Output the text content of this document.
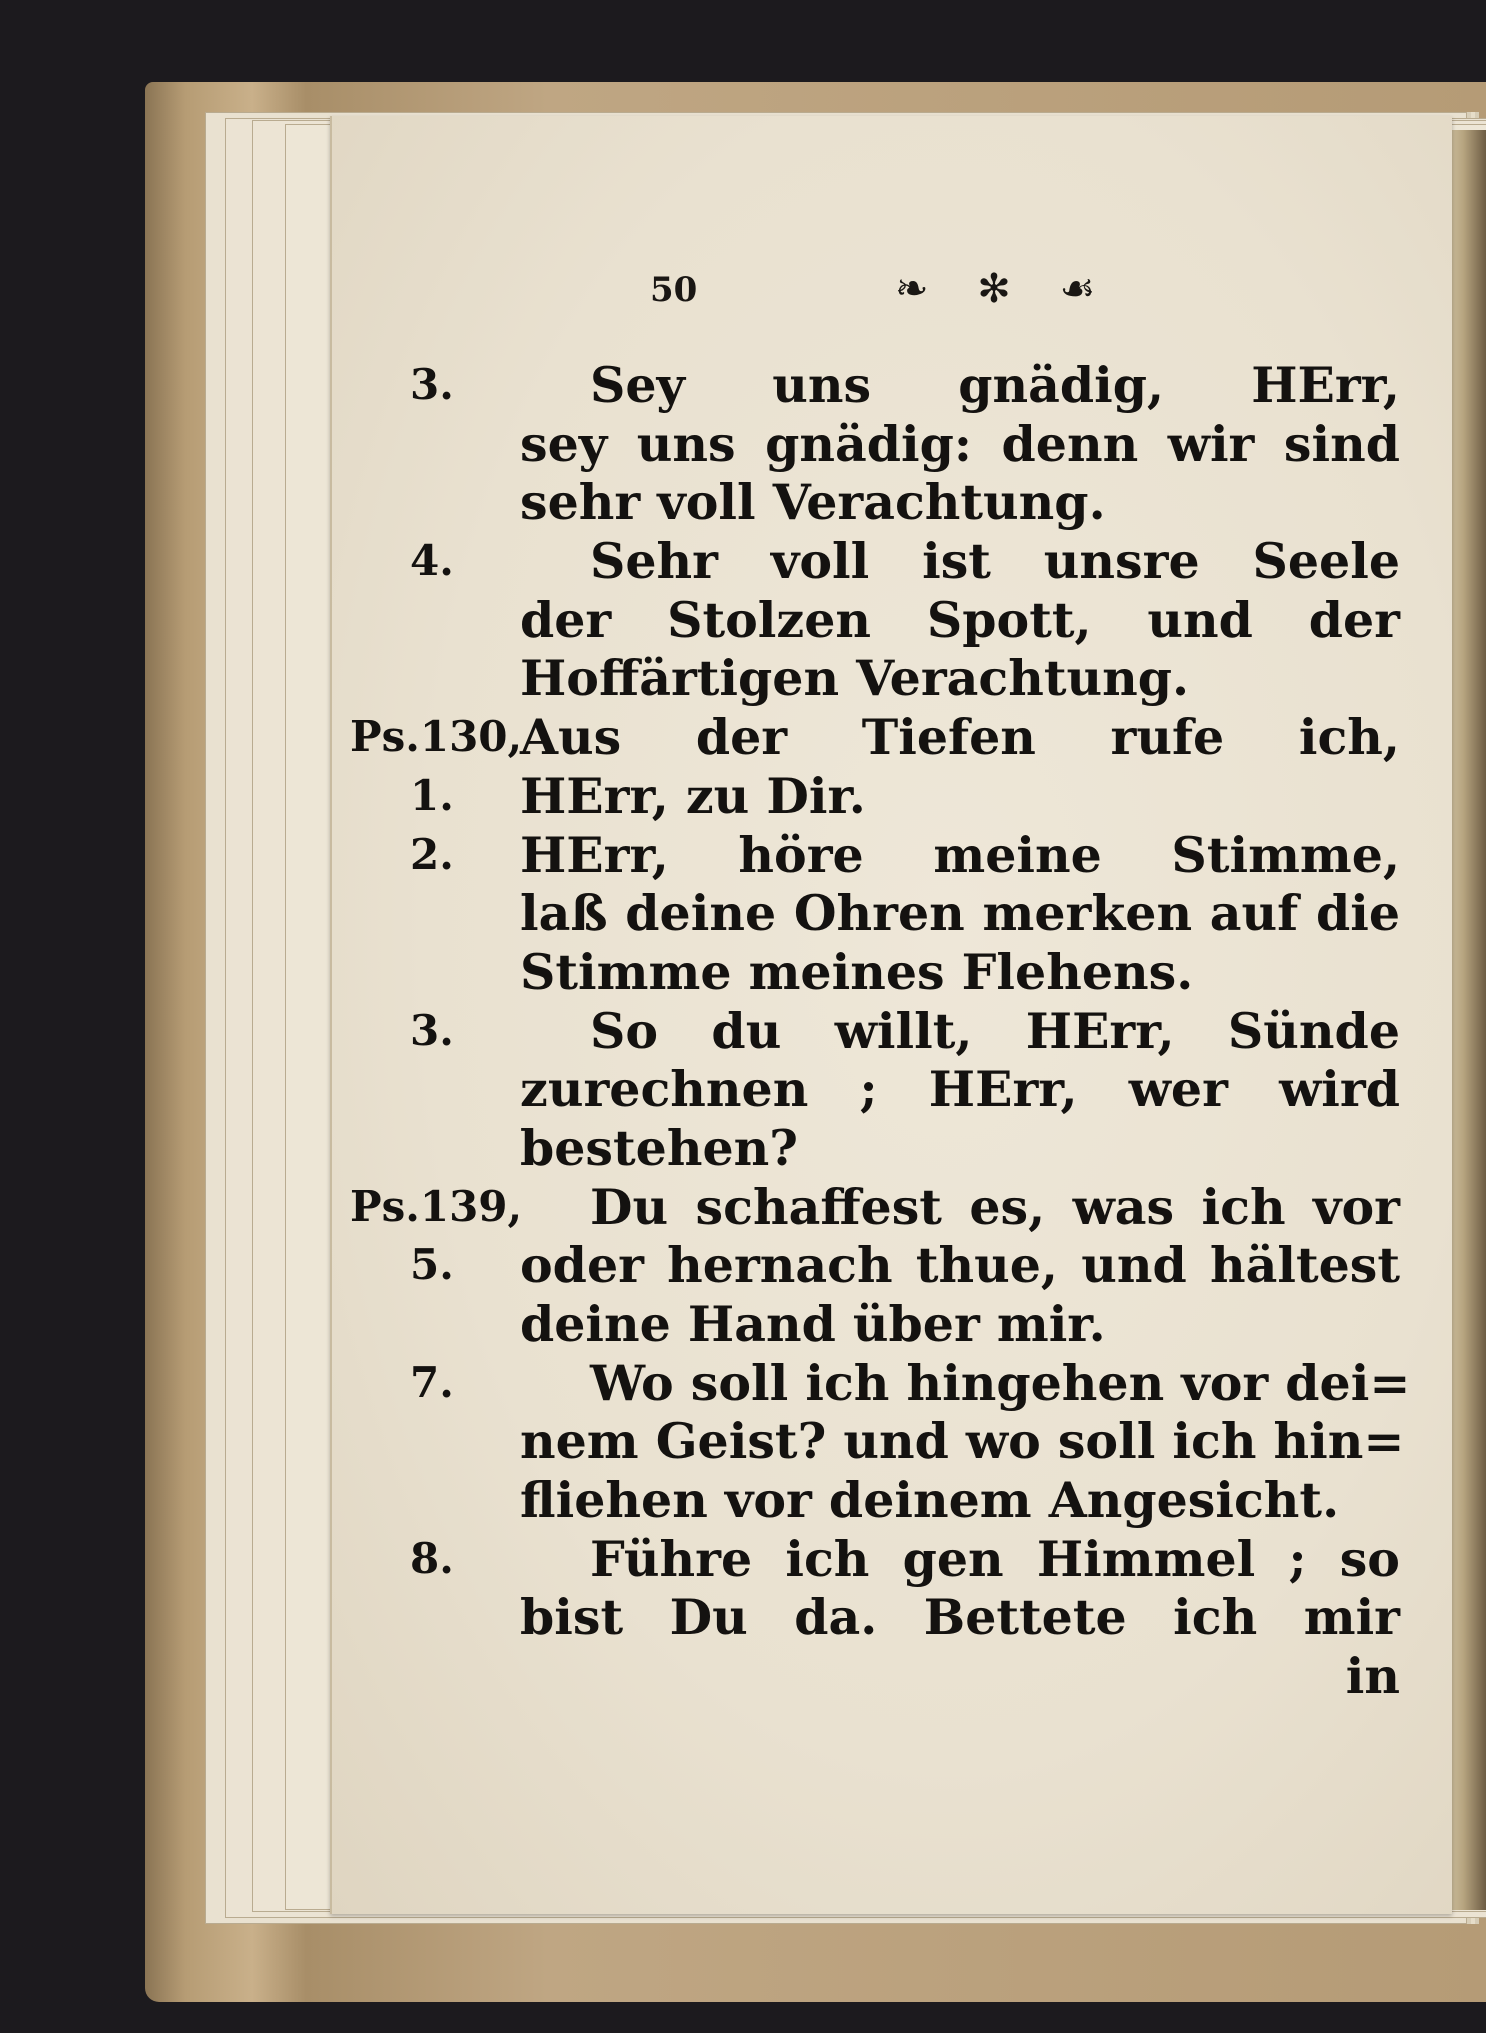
50	❧ ✻ ☙
3.	Sey uns gnädig, HErr,
sey uns gnädig: denn wir sind
sehr voll Verachtung.
4.	Sehr voll ist unsre Seele
der Stolzen Spott, und der
Hoffärtigen Verachtung.
Ps.130,
Aus der Tiefen rufe ich,
1.	HErr, zu Dir.
2.	HErr, höre meine Stimme,
laß deine Ohren merken auf die
Stimme meines Flehens.
3.	So du willt, HErr, Sünde
zurechnen ; HErr, wer wird
bestehen?
Ps.139, Du schaffest es, was ich vor
5.	oder hernach thue, und hältest
deine Hand über mir.
7.	Wo soll ich hingehen vor dei=
nem Geist? und wo soll ich hin=
fliehen vor deinem Angesicht.
8.	Führe ich gen Himmel ; so
bist Du da. Bettete ich mir
in
